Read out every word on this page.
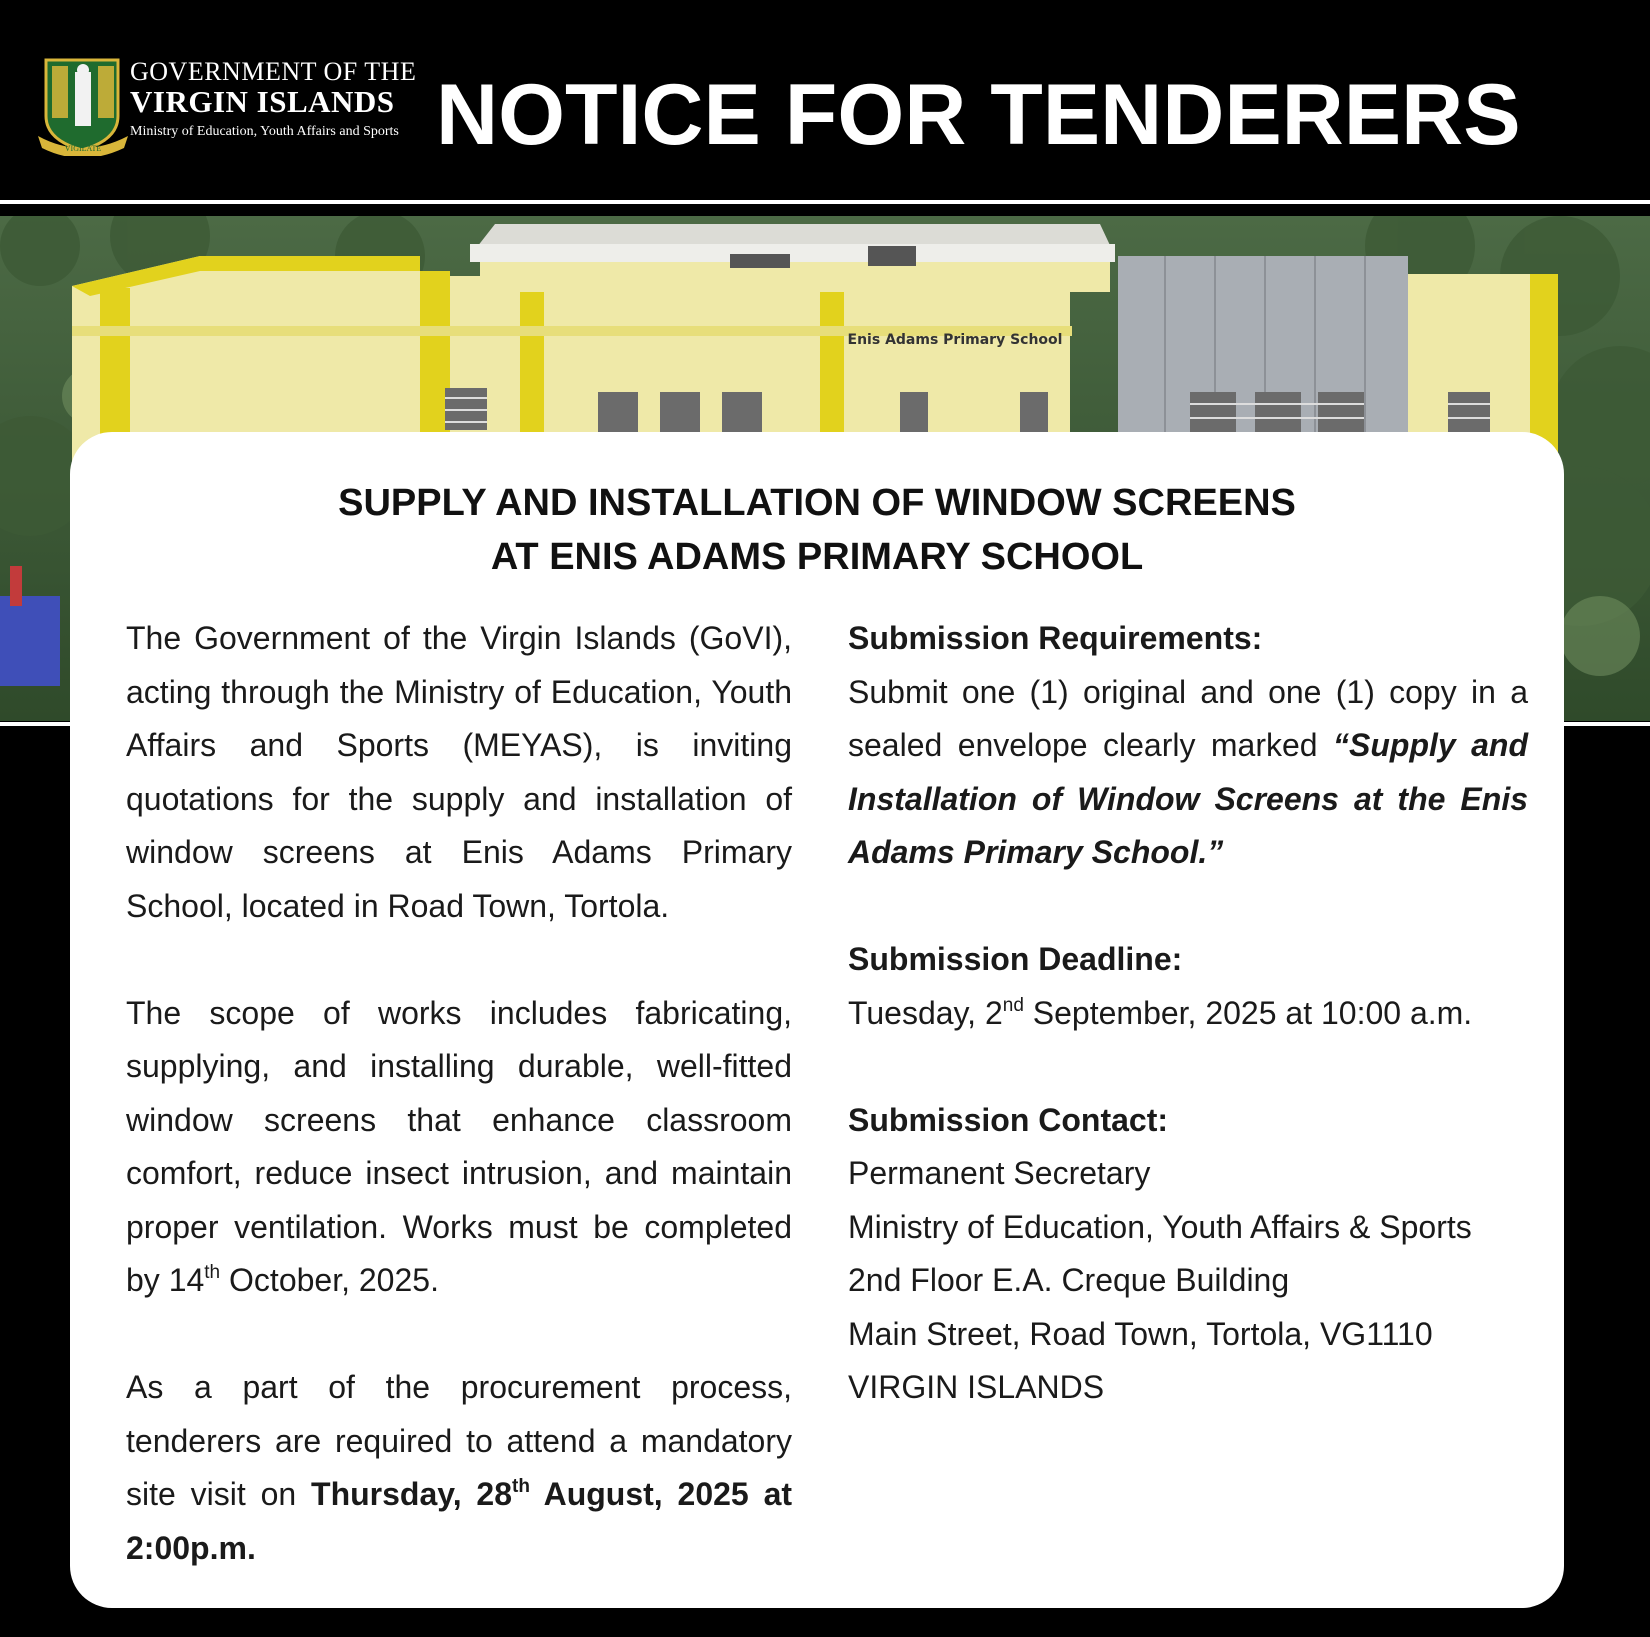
VIGILATE
GOVERNMENT OF THE
VIRGIN ISLANDS
Ministry of Education, Youth Affairs and Sports NOTICE FOR TENDERERS
Enis Adams Primary School
SUPPLY AND INSTALLATION OF WINDOW SCREENS
AT ENIS ADAMS PRIMARY SCHOOL

The Government of the Virgin Islands (GoVI), acting through the Ministry of Education, Youth Affairs and Sports (MEYAS), is inviting quotations for the supply and installation of window screens at Enis Adams Primary School, located in Road Town, Tortola.

The scope of works includes fabricating, supplying, and installing durable, well-fitted window screens that enhance classroom comfort, reduce insect intrusion, and maintain proper ventilation. Works must be completed by 14th October, 2025.

As a part of the procurement process, tenderers are required to attend a mandatory site visit on Thursday, 28th August, 2025 at 2:00p.m.

Submission Requirements:

Submit one (1) original and one (1) copy in a sealed envelope clearly marked “Supply and Installation of Window Screens at the Enis Adams Primary School.”

Submission Deadline:

Tuesday, 2nd September, 2025 at 10:00 a.m.

Submission Contact:
Permanent Secretary
Ministry of Education, Youth Affairs & Sports
2nd Floor E.A. Creque Building
Main Street, Road Town, Tortola, VG1110
VIRGIN ISLANDS
